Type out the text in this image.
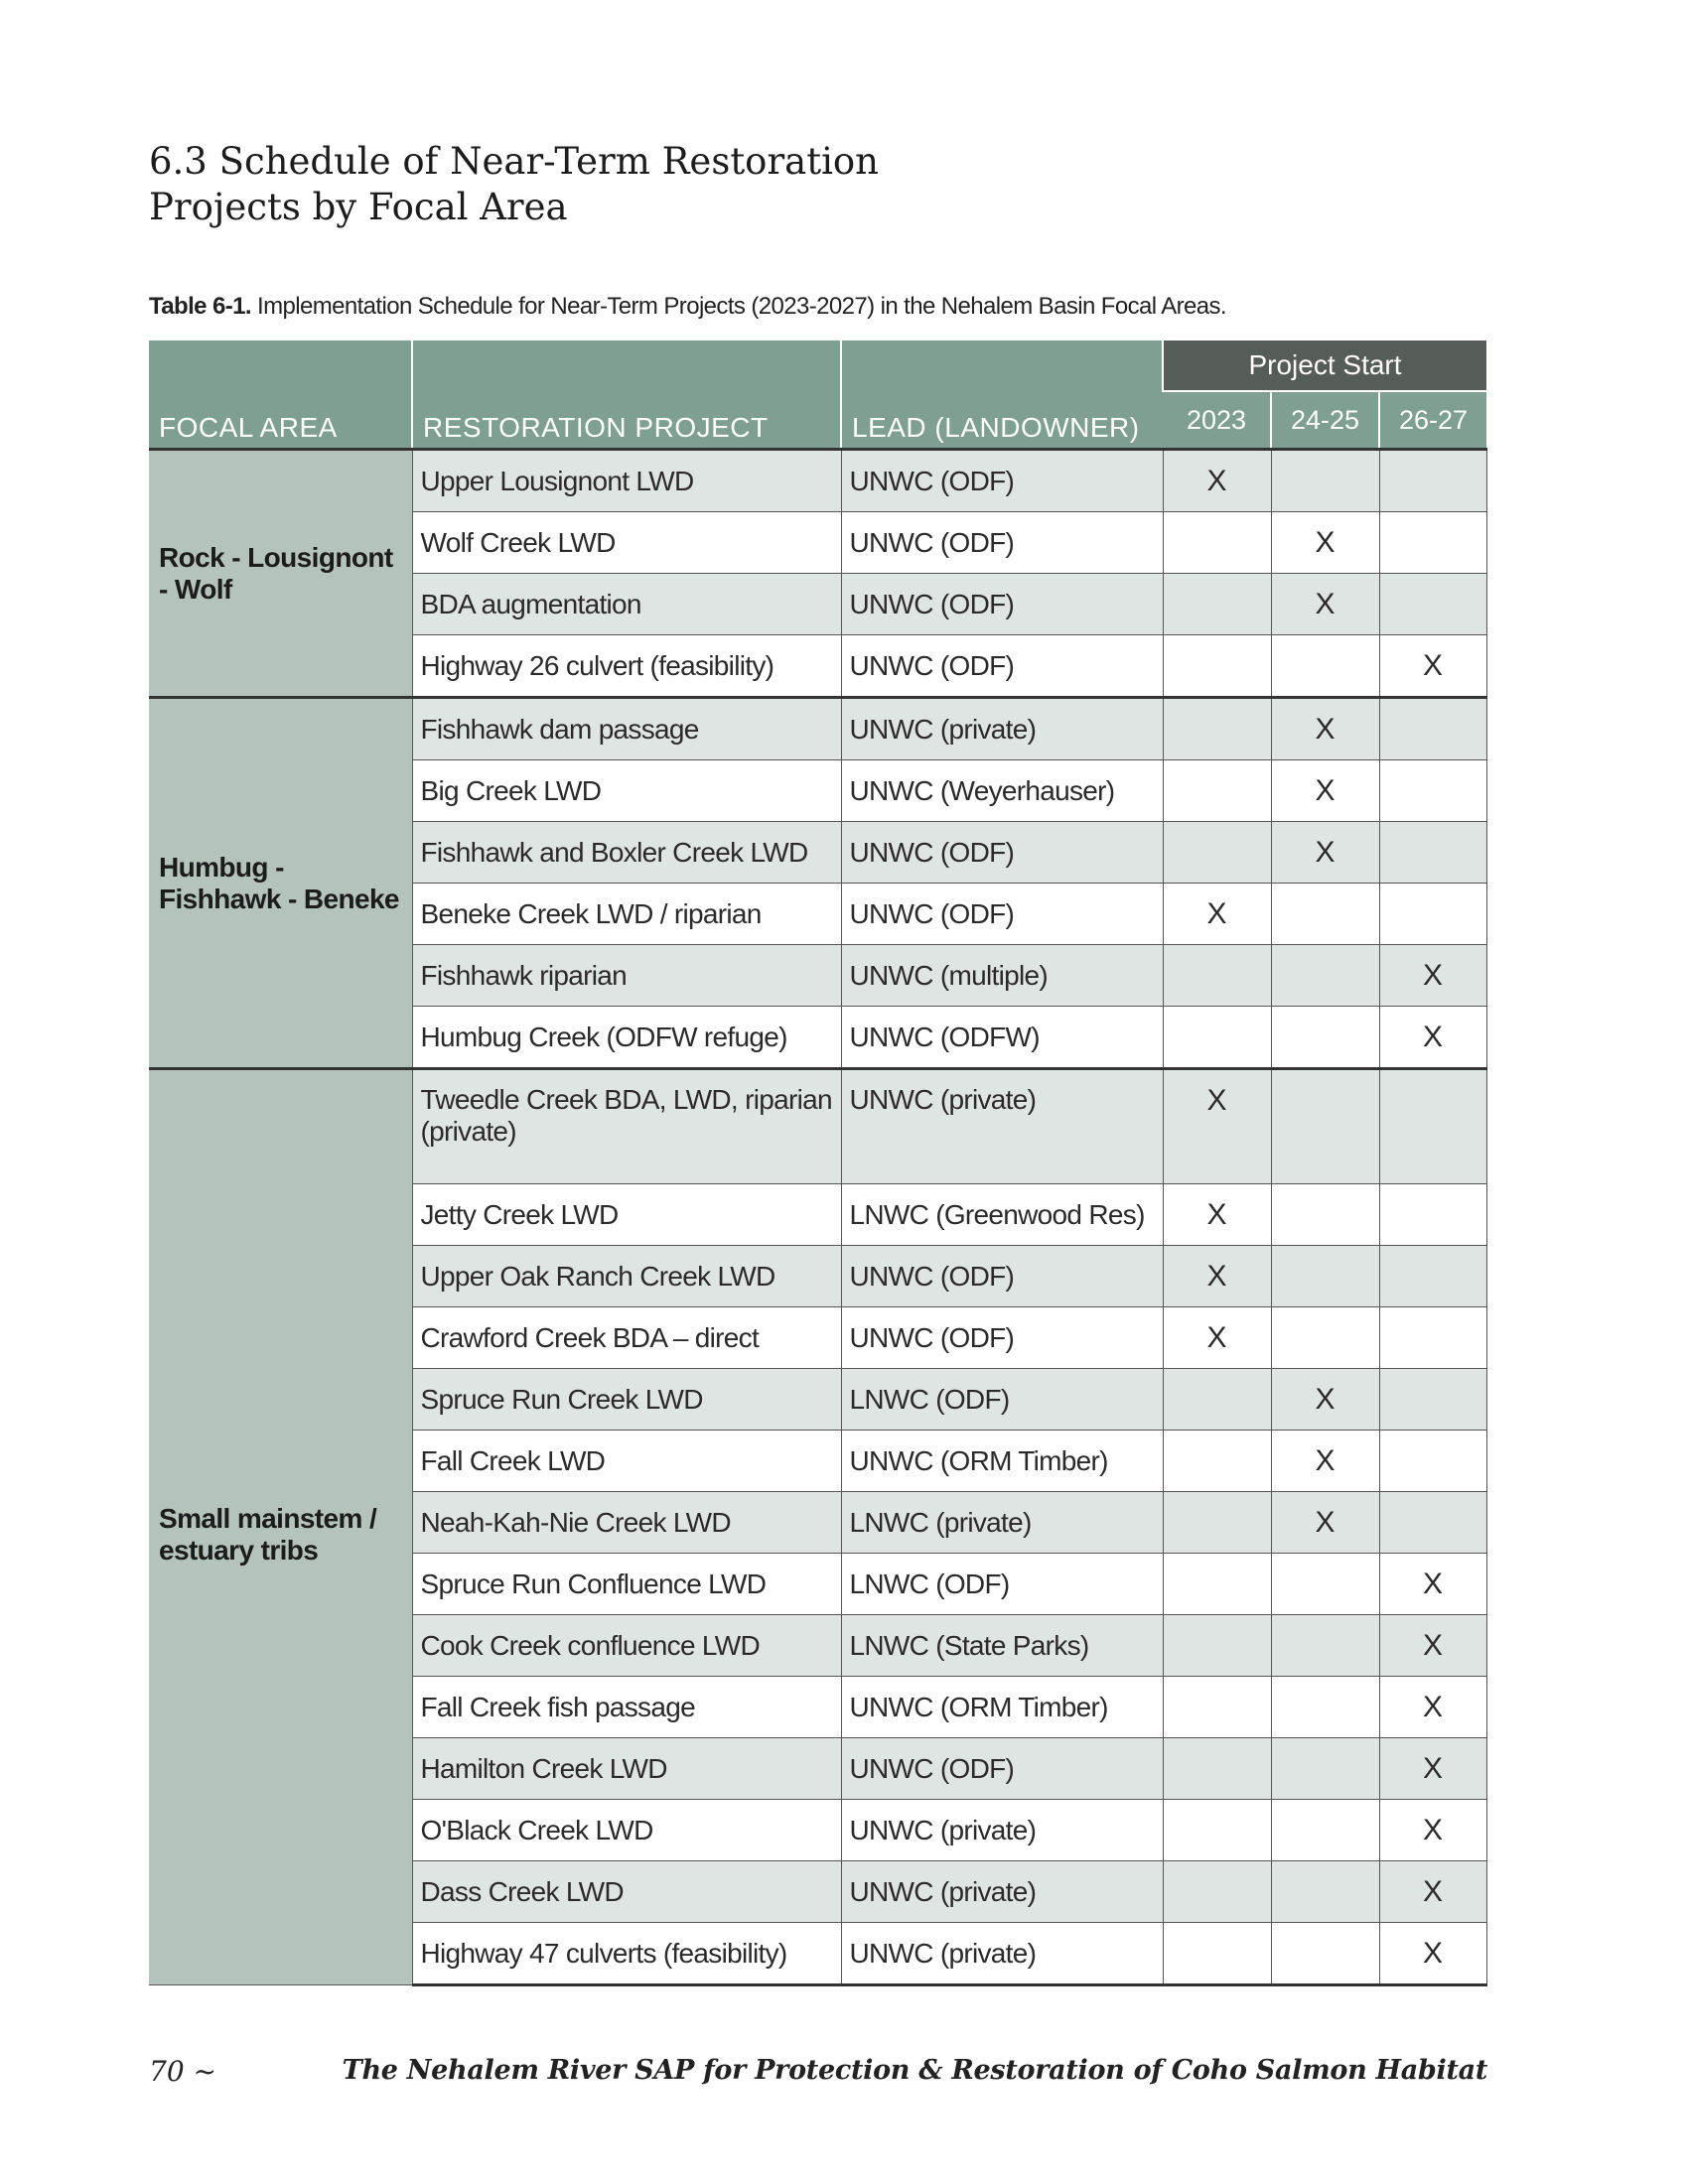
6.3 Schedule of Near-Term Restoration
Projects by Focal Area
Table 6-1. Implementation Schedule for Near-Term Projects (2023-2027) in the Nehalem Basin Focal Areas.
FOCAL AREA	RESTORATION PROJECT	LEAD (LANDOWNER)	Project Start		
			2023	24-25	26-27
Rock - Lousignont - Wolf	Upper Lousignont LWD	UNWC (ODF)	X		
	Wolf Creek LWD	UNWC (ODF)		X	
	BDA augmentation	UNWC (ODF)		X	
	Highway 26 culvert (feasibility)	UNWC (ODF)			X
Humbug - Fishhawk - Beneke	Fishhawk dam passage	UNWC (private)		X	
	Big Creek LWD	UNWC (Weyerhauser)		X	
	Fishhawk and Boxler Creek LWD	UNWC (ODF)		X	
	Beneke Creek LWD / riparian	UNWC (ODF)	X		
	Fishhawk riparian	UNWC (multiple)			X
	Humbug Creek (ODFW refuge)	UNWC (ODFW)			X
Small mainstem / estuary tribs	Tweedle Creek BDA, LWD, riparian (private)	UNWC (private)	X		
	Jetty Creek LWD	LNWC (Greenwood Res)	X		
	Upper Oak Ranch Creek LWD	UNWC (ODF)	X		
	Crawford Creek BDA – direct	UNWC (ODF)	X		
	Spruce Run Creek LWD	LNWC (ODF)		X	
	Fall Creek LWD	UNWC (ORM Timber)		X	
	Neah-Kah-Nie Creek LWD	LNWC (private)		X	
	Spruce Run Confluence LWD	LNWC (ODF)			X
	Cook Creek confluence LWD	LNWC (State Parks)			X
	Fall Creek fish passage	UNWC (ORM Timber)			X
	Hamilton Creek LWD	UNWC (ODF)			X
	O'Black Creek LWD	UNWC (private)			X
	Dass Creek LWD	UNWC (private)			X
	Highway 47 culverts (feasibility)	UNWC (private)			X
70 ~	The Nehalem River SAP for Protection & Restoration of Coho Salmon Habitat
